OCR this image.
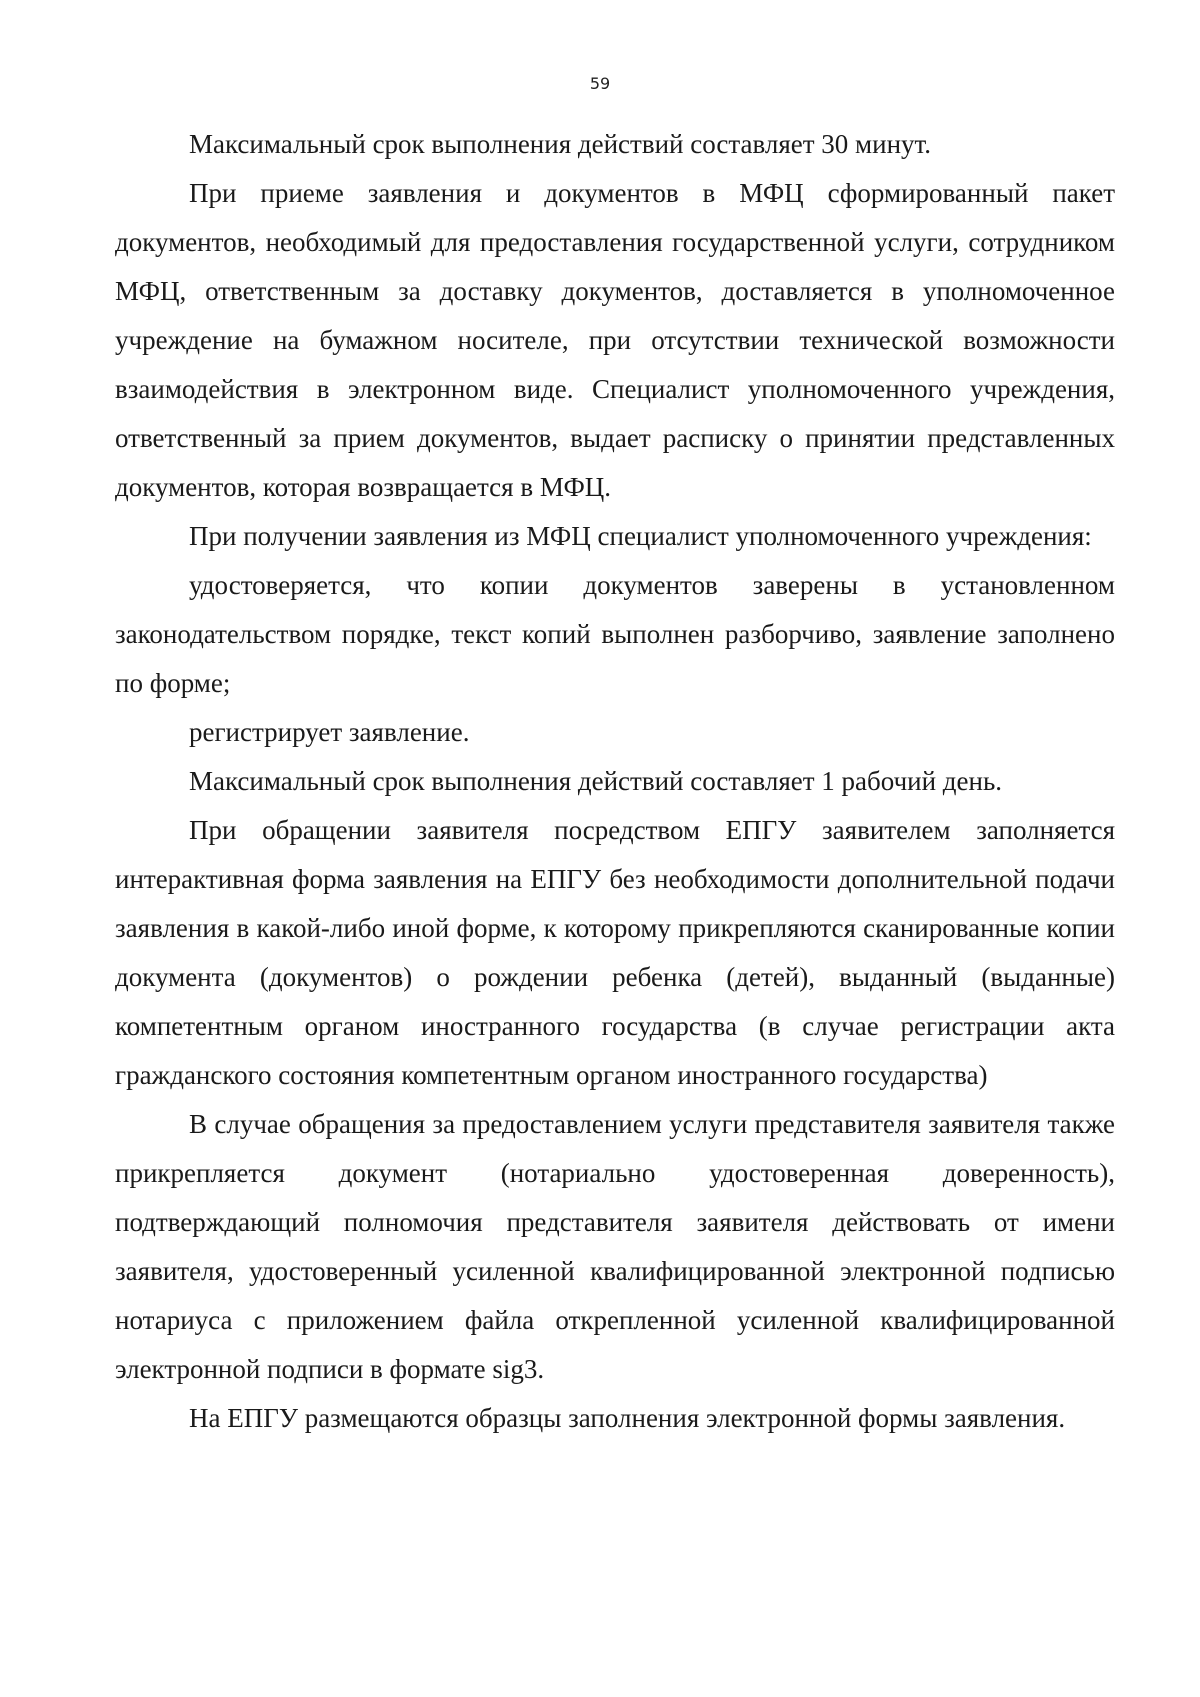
59

Максимальный срок выполнения действий составляет 30 минут.

При приеме заявления и документов в МФЦ сформированный пакет документов, необходимый для предоставления государственной услуги, сотрудником МФЦ, ответственным за доставку документов, доставляется в уполномоченное учреждение на бумажном носителе, при отсутствии технической возможности взаимодействия в электронном виде. Специалист уполномоченного учреждения, ответственный за прием документов, выдает расписку о принятии представленных документов, которая возвращается в МФЦ.

При получении заявления из МФЦ специалист уполномоченного учреждения:

удостоверяется, что копии документов заверены в установленном законодательством порядке, текст копий выполнен разборчиво, заявление заполнено по форме;

регистрирует заявление.

Максимальный срок выполнения действий составляет 1 рабочий день.

При обращении заявителя посредством ЕПГУ заявителем заполняется интерактивная форма заявления на ЕПГУ без необходимости дополнительной подачи заявления в какой-либо иной форме, к которому прикрепляются сканированные копии документа (документов) о рождении ребенка (детей), выданный (выданные) компетентным органом иностранного государства (в случае регистрации акта гражданского состояния компетентным органом иностранного государства)

В случае обращения за предоставлением услуги представителя заявителя также прикрепляется документ (нотариально удостоверенная доверенность), подтверждающий полномочия представителя заявителя действовать от имени заявителя, удостоверенный усиленной квалифицированной электронной подписью нотариуса с приложением файла открепленной усиленной квалифицированной электронной подписи в формате sig3.

На ЕПГУ размещаются образцы заполнения электронной формы заявления.
